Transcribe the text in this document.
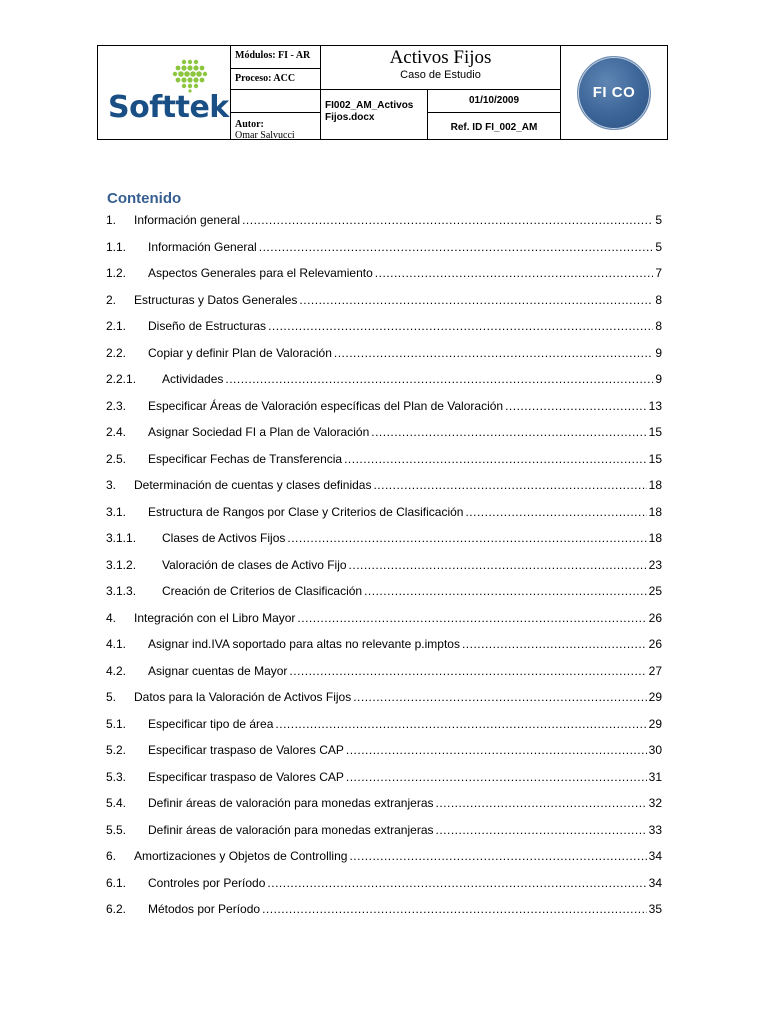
Softtek
Módulos: FI - AR
Proceso: ACC
Autor:
Omar Salvucci
Activos Fijos
Caso de Estudio
FI002_AM_Activos Fijos.docx
01/10/2009
Ref. ID FI_002_AM
FI CO
Contenido
1.	Información general .....	5
1.1.	Información General .....	5
1.2.	Aspectos Generales para el Relevamiento .....	7
2.	Estructuras y Datos Generales .....	8
2.1.	Diseño de Estructuras .....	8
2.2.	Copiar y definir Plan de Valoración .....	9
2.2.1.	Actividades .....	9
2.3.	Especificar Áreas de Valoración específicas del Plan de Valoración .....	13
2.4.	Asignar Sociedad FI a Plan de Valoración .....	15
2.5.	Especificar Fechas de Transferencia .....	15
3.	Determinación de cuentas y clases definidas .....	18
3.1.	Estructura de Rangos por Clase y Criterios de Clasificación .....	18
3.1.1.	Clases de Activos Fijos .....	18
3.1.2.	Valoración de clases de Activo Fijo .....	23
3.1.3.	Creación de Criterios de Clasificación .....	25
4.	Integración con el Libro Mayor .....	26
4.1.	Asignar ind.IVA soportado para altas no relevante p.imptos .....	26
4.2.	Asignar cuentas de Mayor .....	27
5.	Datos para la Valoración de Activos Fijos .....	29
5.1.	Especificar tipo de área .....	29
5.2.	Especificar traspaso de Valores CAP .....	30
5.3.	Especificar traspaso de Valores CAP .....	31
5.4.	Definir áreas de valoración para monedas extranjeras .....	32
5.5.	Definir áreas de valoración para monedas extranjeras .....	33
6.	Amortizaciones y Objetos de Controlling .....	34
6.1.	Controles por Período .....	34
6.2.	Métodos por Período .....	35
